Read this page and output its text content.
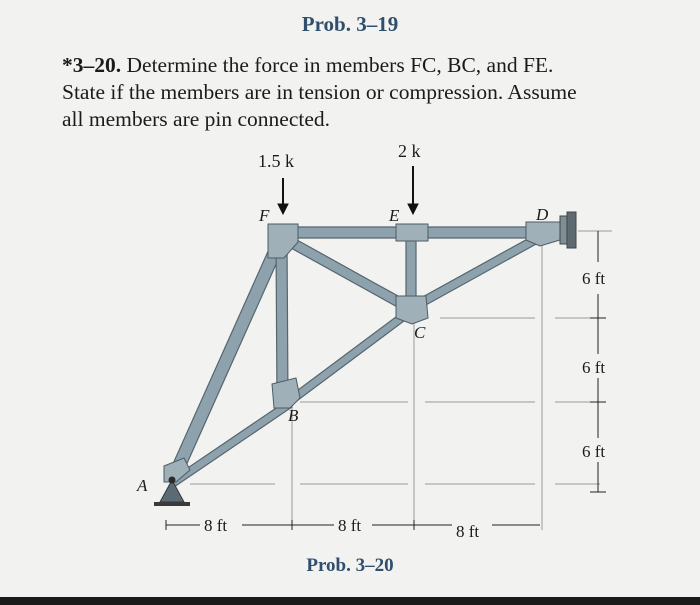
Prob. 3–19
*3–20. Determine the force in members FC, BC, and FE.
State if the members are in tension or compression. Assume
all members are pin connected.
1.5 k	2 k
A
B
C
D
E
F
6 ft
6 ft
6 ft
8 ft	8 ft	8 ft
Prob. 3–20
